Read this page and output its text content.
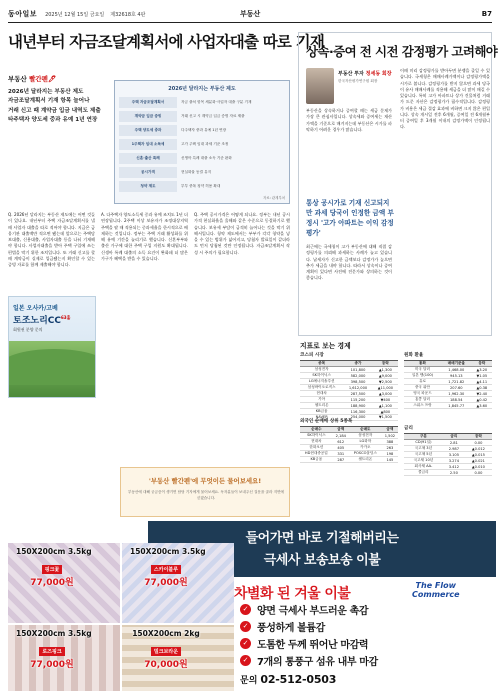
동아일보 2025년 12월 15일 금요일 제32618호 4판	부동산	B7
내년부터 자금조달계획서에 사업자대출 따로 기재
부동산 빨간펜🖊
2026년 달라지는 부동산 제도
자금조달계획서 기재 항목 늘어나
거래 신고 때 계약금 입금 내역도 제출
타주택자 양도세 중과 유예 1년 연장
2026년 달라지는 부동산 제도
주택 자금조달계획서	자금 출처 항목 세분화·사업자 대출 구분 기재
계약금 입금 증빙	거래 신고 시 계약금 입금 증명 자료 제출
주택 양도세 중과	다주택자 중과 유예 1년 연장
1주택자 임대 소득세	고가 주택 임대 과세 기준 조정
신혼·출산 특례	신생아 특례 대출 소득 기준 완화
공시가격	현실화율 동결 유지
청약 제도	부부 중복 청약 허용 확대
자료: 관계부처
Q. 2026년 달라지는 부동산 제도에는 어떤 것들이 있나요. 내년부터 주택 자금조달계획서를 낼 때 사업자 대출을 따로 적어야 합니다. 지금은 금융기관 대출액만 적으면 됐는데 앞으로는 주택담보대출, 신용대출, 사업자대출 등을 나눠 기재해야 합니다. 사업자대출을 받아 주택 구입에 쓰는 편법을 막기 위한 조치입니다. 또 거래 신고를 할 때 계약금이 실제로 입금됐는지 확인할 수 있는 증빙 자료를 함께 제출해야 합니다.
A. 다주택자 양도소득세 중과 유예 조치도 1년 더 연장됩니다. 2주택 이상 보유자가 조정대상지역 주택을 팔 때 적용되는 중과세율을 한시적으로 배제하는 것입니다. 정부는 주택 거래 활성화를 위해 유예 기간을 늘리기로 했습니다. 신혼부부와 출산 가구에 대한 주택 구입 지원도 확대됩니다. 신생아 특례 대출의 소득 요건이 완화돼 더 많은 가구가 혜택을 받을 수 있습니다.
Q. 주택 공시가격은 어떻게 되나요. 정부는 내년 공시가격 현실화율을 올해와 같은 수준으로 동결하기로 했습니다. 보유세 부담이 급격히 늘어나는 것을 막기 위해서입니다. 청약 제도에서는 부부가 각각 청약을 넣을 수 있는 범위가 넓어지고, 당첨자 발표일이 같더라도 먼저 당첨된 것만 인정됩니다. 자금조달계획서 작성 시 주의가 필요합니다.
일본 오사카/고베
토조노리$CC^{63홀}$
회원권 분양 문의
'부동산 빨간펜'에 무엇이든 물어보세요!
부동산에 대해 궁금증이 생기면 담당 기자에게 물어보세요. 독자분들이 보내주신 질문을 골라 지면에 싣겠습니다.
상속·증여 전 시전 감정평가 고려해야
부동산 투자 정세동 회장
한국자산평가연구원 회장
부동산을 상속하거나 증여할 때는 세금 문제가 가장 큰 관심사입니다. 상속세와 증여세는 재산 가액을 기준으로 매겨지는데 부동산은 시가를 파악하기 어려운 경우가 많습니다.
통상 공시가로 기재 신고되지만 과세 당국이 인정한 금액 부정시 '고가 아파트는 이익 감정평가'
최근에는 국세청이 고가 부동산에 대해 직접 감정평가를 의뢰해 과세하는 사례가 늘고 있습니다. 납세자가 신고한 금액보다 감정가가 높으면 추가 세금을 내야 합니다. 따라서 상속이나 증여 계획이 있다면 사전에 전문가와 상의하는 것이 좋습니다.
이때 미리 감정평가를 받아두면 분쟁을 줄일 수 있습니다. 국세청은 매매사례가액이나 감정평가액을 시가로 봅니다. 감정평가를 받지 않으면 과세 당국이 유사 매매사례를 적용해 세금을 더 많이 매길 수 있습니다. 특히 고가 아파트나 상가 건물처럼 거래가 드문 자산은 감정평가가 필수적입니다. 감정평가 비용은 세금 절감 효과에 비하면 크지 않은 편입니다. 상속 개시일 전후 6개월, 증여일 전 6개월부터 증여일 후 3개월 이내의 감정가액이 인정됩니다.
지표로 보는 경제
코스피 시장
종목	종가	등락
삼성전자	101,800	▲1,300
SK하이닉스	582,000	▲9,000
LG에너지솔루션	398,500	▼2,500
삼성바이오로직스	1,612,000	▲11,000
현대차	287,500	▲3,000
기아	115,200	▼400
셀트리온	188,900	▲1,100
KB금융	116,300	▲800
NAVER	254,000	▼1,500
원화 환율
통화	매매기준율	등락
미국 달러	1,468.00	▲3.20
일본 엔(100)	945.13	▼1.05
유로	1,721.82	▲4.11
중국 위안	207.60	▲0.38
영국 파운드	1,962.30	▼2.40
홍콩 달러	188.54	▲0.42
스위스 프랑	1,845.77	▲3.60
외국인 순매매 상위 5종목
순매수	금액	순매도	금액
SK하이닉스	2,184	삼성전자	1,502
현대차	612	LG화학	388
한화오션	405	카카오	263
HD현대중공업	331	POSCO홀딩스	198
KB금융	287	셀트리온	145
금리
구분	금리	등락
CD(91일)	2.81	0.00
국고채 3년	2.987	▲0.012
국고채 5년	3.105	▲0.015
국고채 10년	3.274	▲0.021
회사채 AA-	3.412	▲0.010
콜금리	2.50	0.00
들어가면 바로 기절해버리는
극세사 보송보송 이불
차별화 된 겨울 이불
The Flow
Commerce
✓ 양면 극세사 부드러운 촉감
✓ 풍성하게 볼륨감
✓ 도톰한 두께 뛰어난 마감력
✓ 7개의 통풍구 섬유 내부 마감
문의 02-512-0503
150X200cm 3.5kg
핑크꽃
77,000원
150X200cm 3.5kg
스카이블루
77,000원
150X200cm 3.5kg
로즈핑크
77,000원
150X200cm 2kg
밀크브라운
70,000원
